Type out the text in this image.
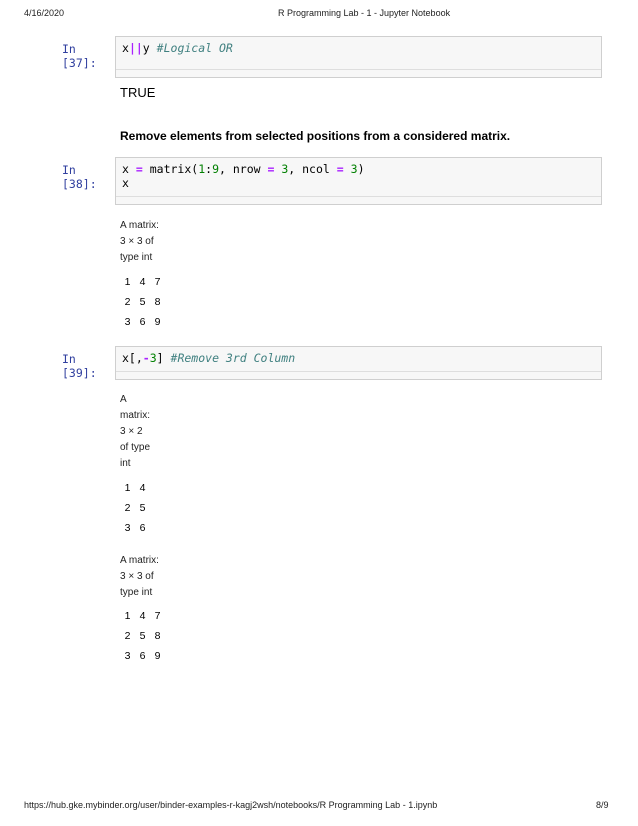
4/16/2020	R Programming Lab - 1 - Jupyter Notebook
In [37]:
x||y #Logical OR
TRUE
Remove elements from selected positions from a considered matrix.
In [38]:
x = matrix(1:9, nrow = 3, ncol = 3)
x
A matrix:
3 × 3 of
type int
1	4	7
2	5	8
3	6	9
In [39]:
x[,-3] #Remove 3rd Column
A
matrix:
3 × 2
of type
int
1	4
2	5
3	6
A matrix:
3 × 3 of
type int
1	4	7
2	5	8
3	6	9
https://hub.gke.mybinder.org/user/binder-examples-r-kagj2wsh/notebooks/R Programming Lab - 1.ipynb	8/9
